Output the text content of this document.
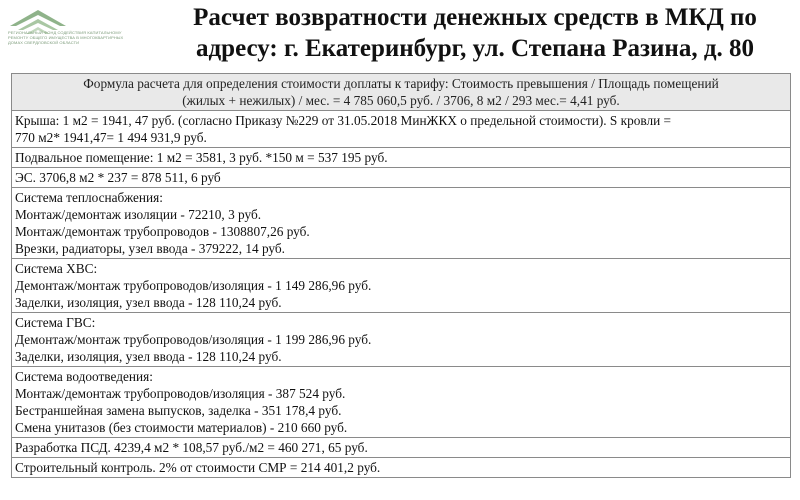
РЕГИОНАЛЬНЫЙ ФОНД СОДЕЙСТВИЯ КАПИТАЛЬНОМУ
РЕМОНТУ ОБЩЕГО ИМУЩЕСТВА В МНОГОКВАРТИРНЫХ
ДОМАХ СВЕРДЛОВСКОЙ ОБЛАСТИ
Расчет возвратности денежных средств в МКД по
адресу: г. Екатеринбург, ул. Степана Разина, д. 80
Формула расчета для определения стоимости доплаты к тарифу: Стоимость превышения / Площадь помещений
(жилых + нежилых) / мес. = 4 785 060,5 руб. / 3706, 8 м2 / 293 мес.= 4,41 руб.
Крыша: 1 м2 = 1941, 47 руб. (согласно Приказу №229 от 31.05.2018 МинЖКХ о предельной стоимости). S кровли =
770 м2* 1941,47= 1 494 931,9 руб.
Подвальное помещение: 1 м2 = 3581, 3 руб. *150 м = 537 195 руб.
ЭС. 3706,8 м2 * 237 = 878 511, 6 руб
Система теплоснабжения:
Монтаж/демонтаж изоляции - 72210, 3 руб.
Монтаж/демонтаж трубопроводов - 1308807,26 руб.
Врезки, радиаторы, узел ввода - 379222, 14 руб.
Система ХВС:
Демонтаж/монтаж трубопроводов/изоляция - 1 149 286,96 руб.
Заделки, изоляция, узел ввода - 128 110,24 руб.
Система ГВС:
Демонтаж/монтаж трубопроводов/изоляция - 1 199 286,96 руб.
Заделки, изоляция, узел ввода - 128 110,24 руб.
Система водоотведения:
Монтаж/демонтаж трубопроводов/изоляция - 387 524 руб.
Бестраншейная замена выпусков, заделка - 351 178,4 руб.
Смена унитазов (без стоимости материалов) - 210 660 руб.
Разработка ПСД. 4239,4 м2 * 108,57 руб./м2 = 460 271, 65 руб.
Строительный контроль. 2% от стоимости СМР = 214 401,2 руб.
